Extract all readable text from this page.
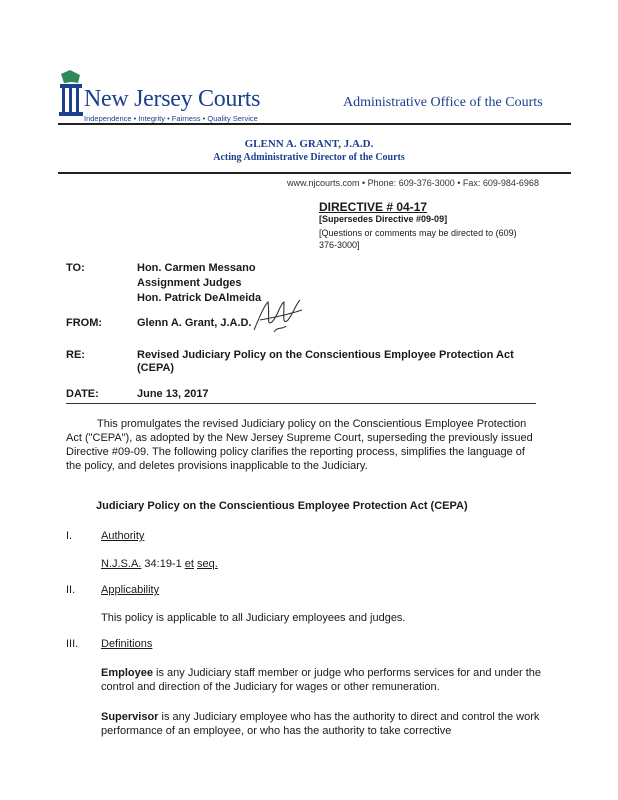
New Jersey Courts
Independence • Integrity • Fairness • Quality Service
Administrative Office of the Courts
GLENN A. GRANT, J.A.D.
Acting Administrative Director of the Courts
www.njcourts.com • Phone: 609-376-3000 • Fax: 609-984-6968
DIRECTIVE # 04-17
[Supersedes Directive #09-09]
[Questions or comments may be directed to (609) 376-3000]
TO:	Hon. Carmen Messano
Assignment Judges
Hon. Patrick DeAlmeida
FROM:	Glenn A. Grant, J.A.D.
RE:	Revised Judiciary Policy on the Conscientious Employee Protection Act (CEPA)
DATE:	June 13, 2017
This promulgates the revised Judiciary policy on the Conscientious Employee Protection Act ("CEPA"), as adopted by the New Jersey Supreme Court, superseding the previously issued Directive #09-09. The following policy clarifies the reporting process, simplifies the language of the policy, and deletes provisions inapplicable to the Judiciary.
Judiciary Policy on the Conscientious Employee Protection Act (CEPA)
I.	Authority
N.J.S.A. 34:19-1 et seq.
II. Applicability
This policy is applicable to all Judiciary employees and judges.
III. Definitions
Employee is any Judiciary staff member or judge who performs services for and under the control and direction of the Judiciary for wages or other remuneration.
Supervisor is any Judiciary employee who has the authority to direct and control the work performance of an employee, or who has the authority to take corrective
